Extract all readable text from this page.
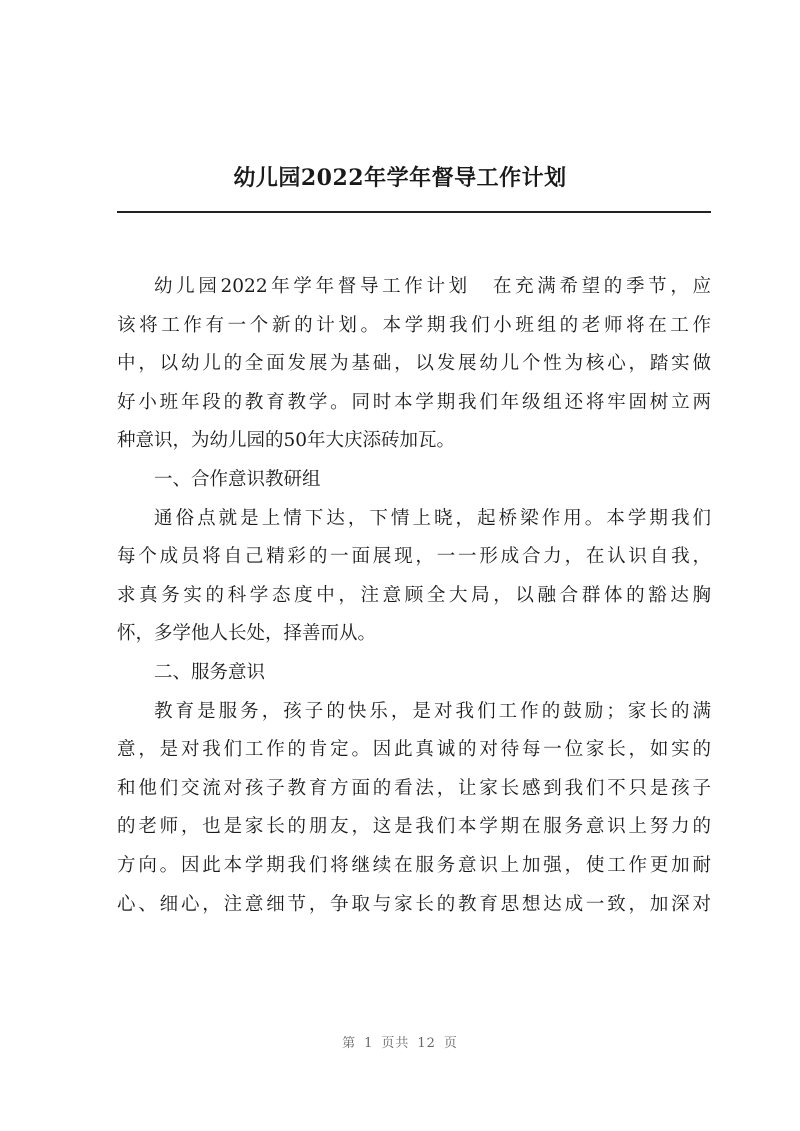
幼儿园2022年学年督导工作计划
幼儿园2022年学年督导工作计划　在充满希望的季节，应
该将工作有一个新的计划。本学期我们小班组的老师将在工作
中，以幼儿的全面发展为基础，以发展幼儿个性为核心，踏实做
好小班年段的教育教学。同时本学期我们年级组还将牢固树立两
种意识，为幼儿园的50年大庆添砖加瓦。
一、合作意识教研组
通俗点就是上情下达，下情上晓，起桥梁作用。本学期我们
每个成员将自己精彩的一面展现，一一形成合力，在认识自我，
求真务实的科学态度中，注意顾全大局，以融合群体的豁达胸
怀，多学他人长处，择善而从。
二、服务意识
教育是服务，孩子的快乐，是对我们工作的鼓励；家长的满
意，是对我们工作的肯定。因此真诚的对待每一位家长，如实的
和他们交流对孩子教育方面的看法，让家长感到我们不只是孩子
的老师，也是家长的朋友，这是我们本学期在服务意识上努力的
方向。因此本学期我们将继续在服务意识上加强，使工作更加耐
心、细心，注意细节，争取与家长的教育思想达成一致，加深对
第 1 页共 12 页
